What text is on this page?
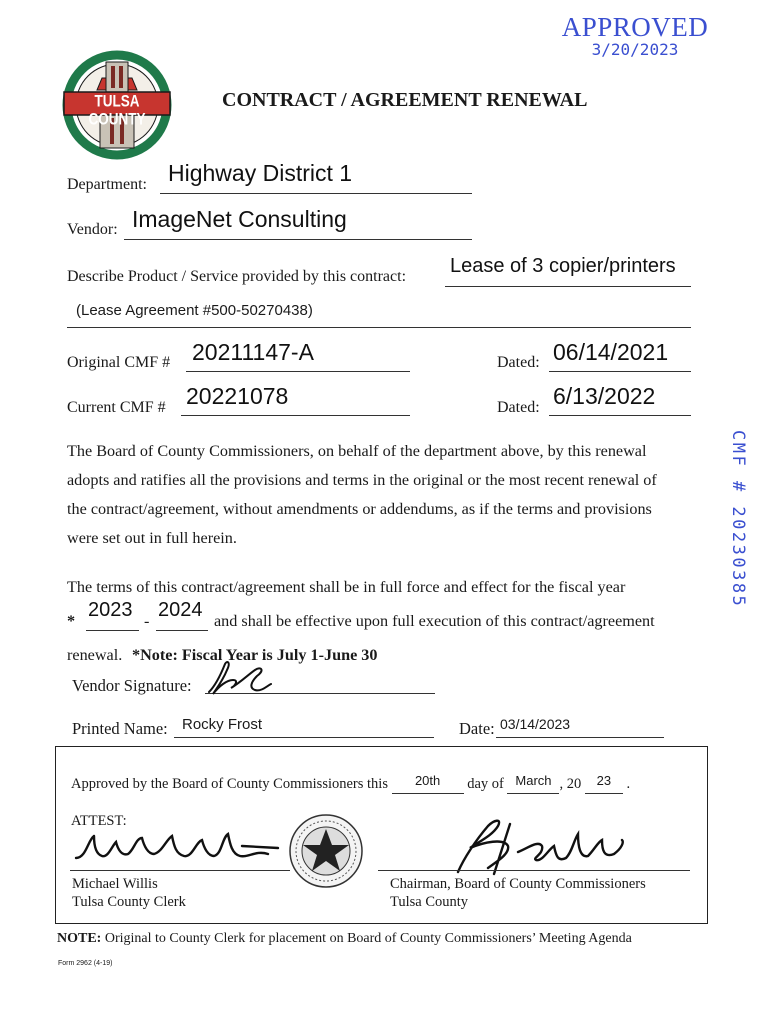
APPROVED
3/20/2023
TULSA COUNTY
CONTRACT / AGREEMENT RENEWAL
Department: Highway District 1
Vendor: ImageNet Consulting
Describe Product / Service provided by this contract: Lease of 3 copier/printers
(Lease Agreement #500-50270438)
Original CMF # 20211147-A	Dated: 06/14/2021
Current CMF # 20221078	Dated: 6/13/2022
CMF # 20230385
The Board of County Commissioners, on behalf of the department above, by this renewal
adopts and ratifies all the provisions and terms in the original or the most recent renewal of
the contract/agreement, without amendments or addendums, as if the terms and provisions
were set out in full herein.
The terms of this contract/agreement shall be in full force and effect for the fiscal year
* 2023 - 2024 and shall be effective upon full execution of this contract/agreement
renewal. *Note: Fiscal Year is July 1-June 30
Vendor Signature:
Printed Name: Rocky Frost	Date: 03/14/2023
Approved by the Board of County Commissioners this 20th day of March , 20 23 .
ATTEST:
Michael Willis
Tulsa County Clerk
Chairman, Board of County Commissioners
Tulsa County
NOTE: Original to County Clerk for placement on Board of County Commissioners’ Meeting Agenda
Form 2962 (4-19)
